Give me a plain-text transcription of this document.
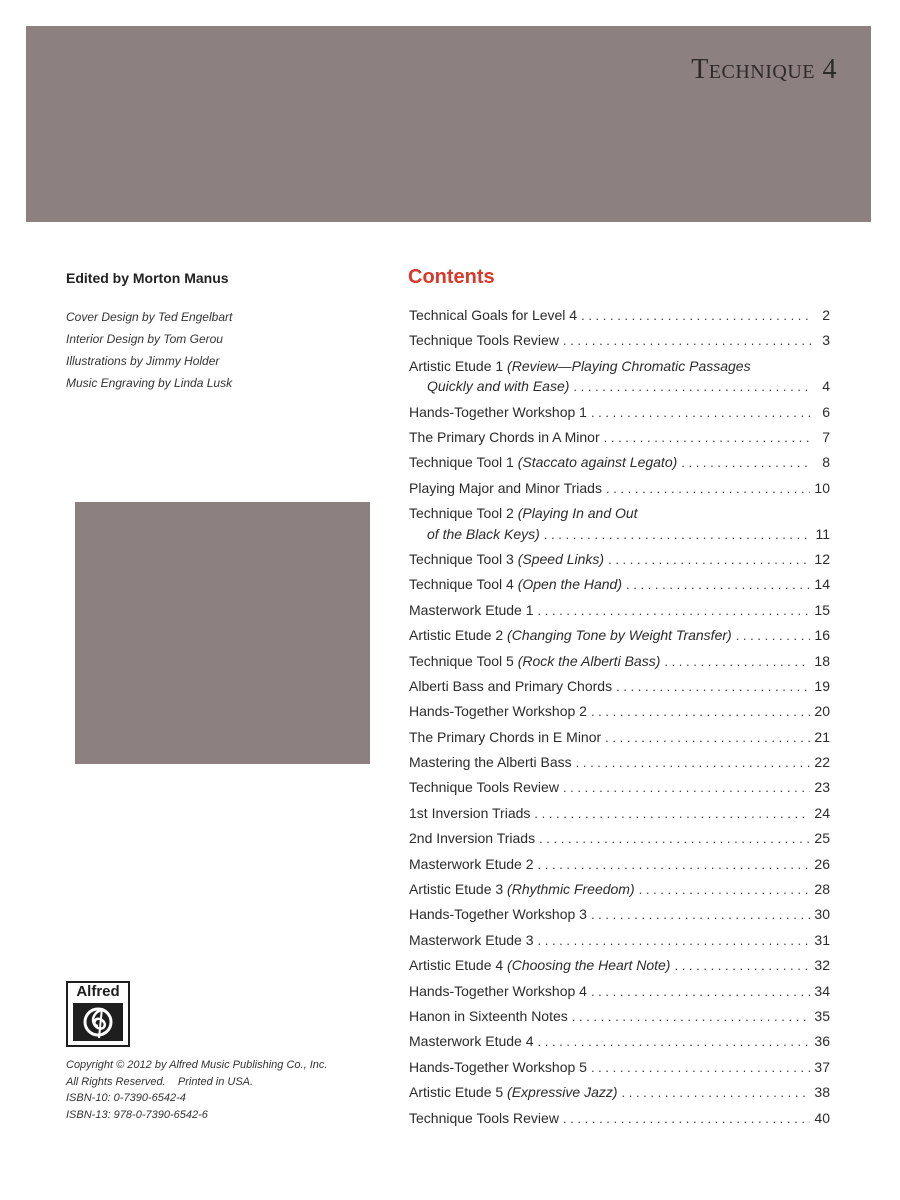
Technique 4
Edited by Morton Manus
Cover Design by Ted Engelbart
Interior Design by Tom Gerou
Illustrations by Jimmy Holder
Music Engraving by Linda Lusk
Alfred
Copyright © 2012 by Alfred Music Publishing Co., Inc.
All Rights Reserved.    Printed in USA.
ISBN-10: 0-7390-6542-4
ISBN-13: 978-0-7390-6542-6
Contents
Technical Goals for Level 4 . . .	2
Technique Tools Review . . .	3
Artistic Etude 1 (Review—Playing Chromatic Passages
Quickly and with Ease) . . .	4
Hands-Together Workshop 1 . . .	6
The Primary Chords in A Minor . . .	7
Technique Tool 1 (Staccato against Legato) . . .	8
Playing Major and Minor Triads . . .	10
Technique Tool 2 (Playing In and Out
of the Black Keys) . . .	11
Technique Tool 3 (Speed Links) . . .	12
Technique Tool 4 (Open the Hand) . . .	14
Masterwork Etude 1 . . .	15
Artistic Etude 2 (Changing Tone by Weight Transfer) . . .	16
Technique Tool 5 (Rock the Alberti Bass) . . .	18
Alberti Bass and Primary Chords . . .	19
Hands-Together Workshop 2 . . .	20
The Primary Chords in E Minor . . .	21
Mastering the Alberti Bass . . .	22
Technique Tools Review . . .	23
1st Inversion Triads . . .	24
2nd Inversion Triads . . .	25
Masterwork Etude 2 . . .	26
Artistic Etude 3 (Rhythmic Freedom) . . .	28
Hands-Together Workshop 3 . . .	30
Masterwork Etude 3 . . .	31
Artistic Etude 4 (Choosing the Heart Note) . . .	32
Hands-Together Workshop 4 . . .	34
Hanon in Sixteenth Notes . . .	35
Masterwork Etude 4 . . .	36
Hands-Together Workshop 5 . . .	37
Artistic Etude 5 (Expressive Jazz) . . .	38
Technique Tools Review . . .	40
